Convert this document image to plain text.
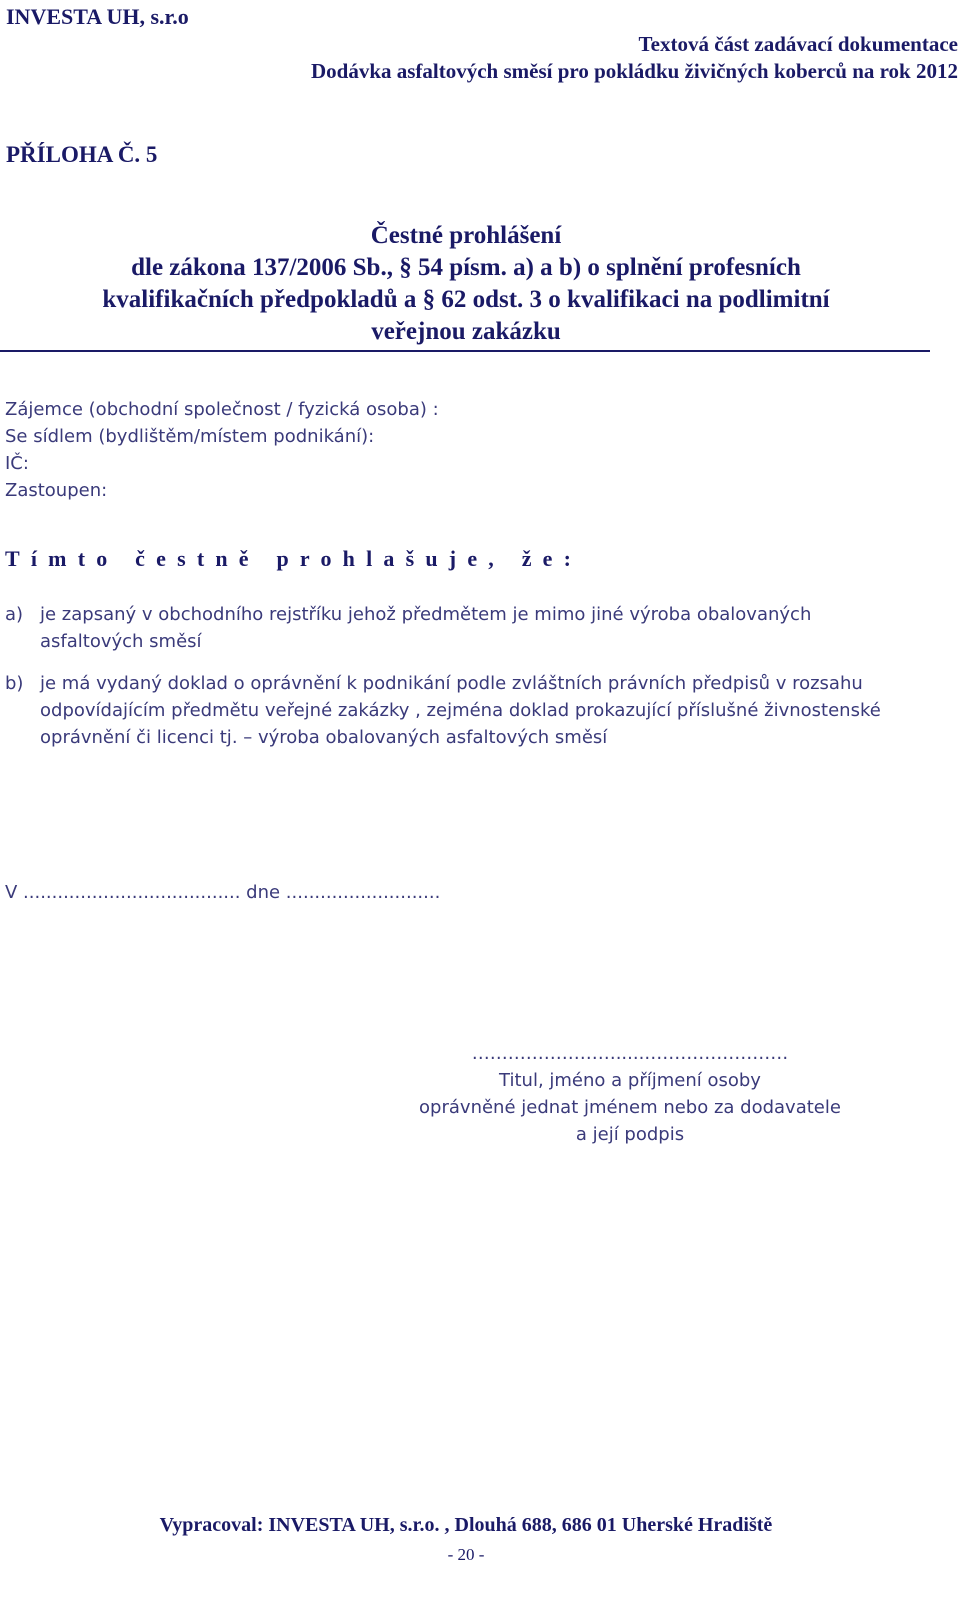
INVESTA UH, s.r.o
Textová část zadávací dokumentace
Dodávka asfaltových směsí pro pokládku živičných koberců na rok 2012
PŘÍLOHA Č. 5
Čestné prohlášení
dle zákona 137/2006 Sb., § 54 písm. a) a b) o splnění profesních
kvalifikačních předpokladů a § 62 odst. 3 o kvalifikaci na podlimitní
veřejnou zakázku
Zájemce (obchodní společnost / fyzická osoba) :
Se sídlem (bydlištěm/místem podnikání):
IČ:
Zastoupen:
Tímto čestně prohlašuje, že:
a) je zapsaný v obchodního rejstříku jehož předmětem je mimo jiné výroba obalovaných
asfaltových směsí
b) je má vydaný doklad o oprávnění k podnikání podle zvláštních právních předpisů v rozsahu
odpovídajícím předmětu veřejné zakázky , zejména doklad prokazující příslušné živnostenské
oprávnění či licenci tj. – výroba obalovaných asfaltových směsí
V ...................................... dne ...........................
…………………….....……………………
Titul, jméno a příjmení osoby
oprávněné jednat jménem nebo za dodavatele
a její podpis
Vypracoval: INVESTA UH, s.r.o. , Dlouhá 688, 686 01 Uherské Hradiště
- 20 -
